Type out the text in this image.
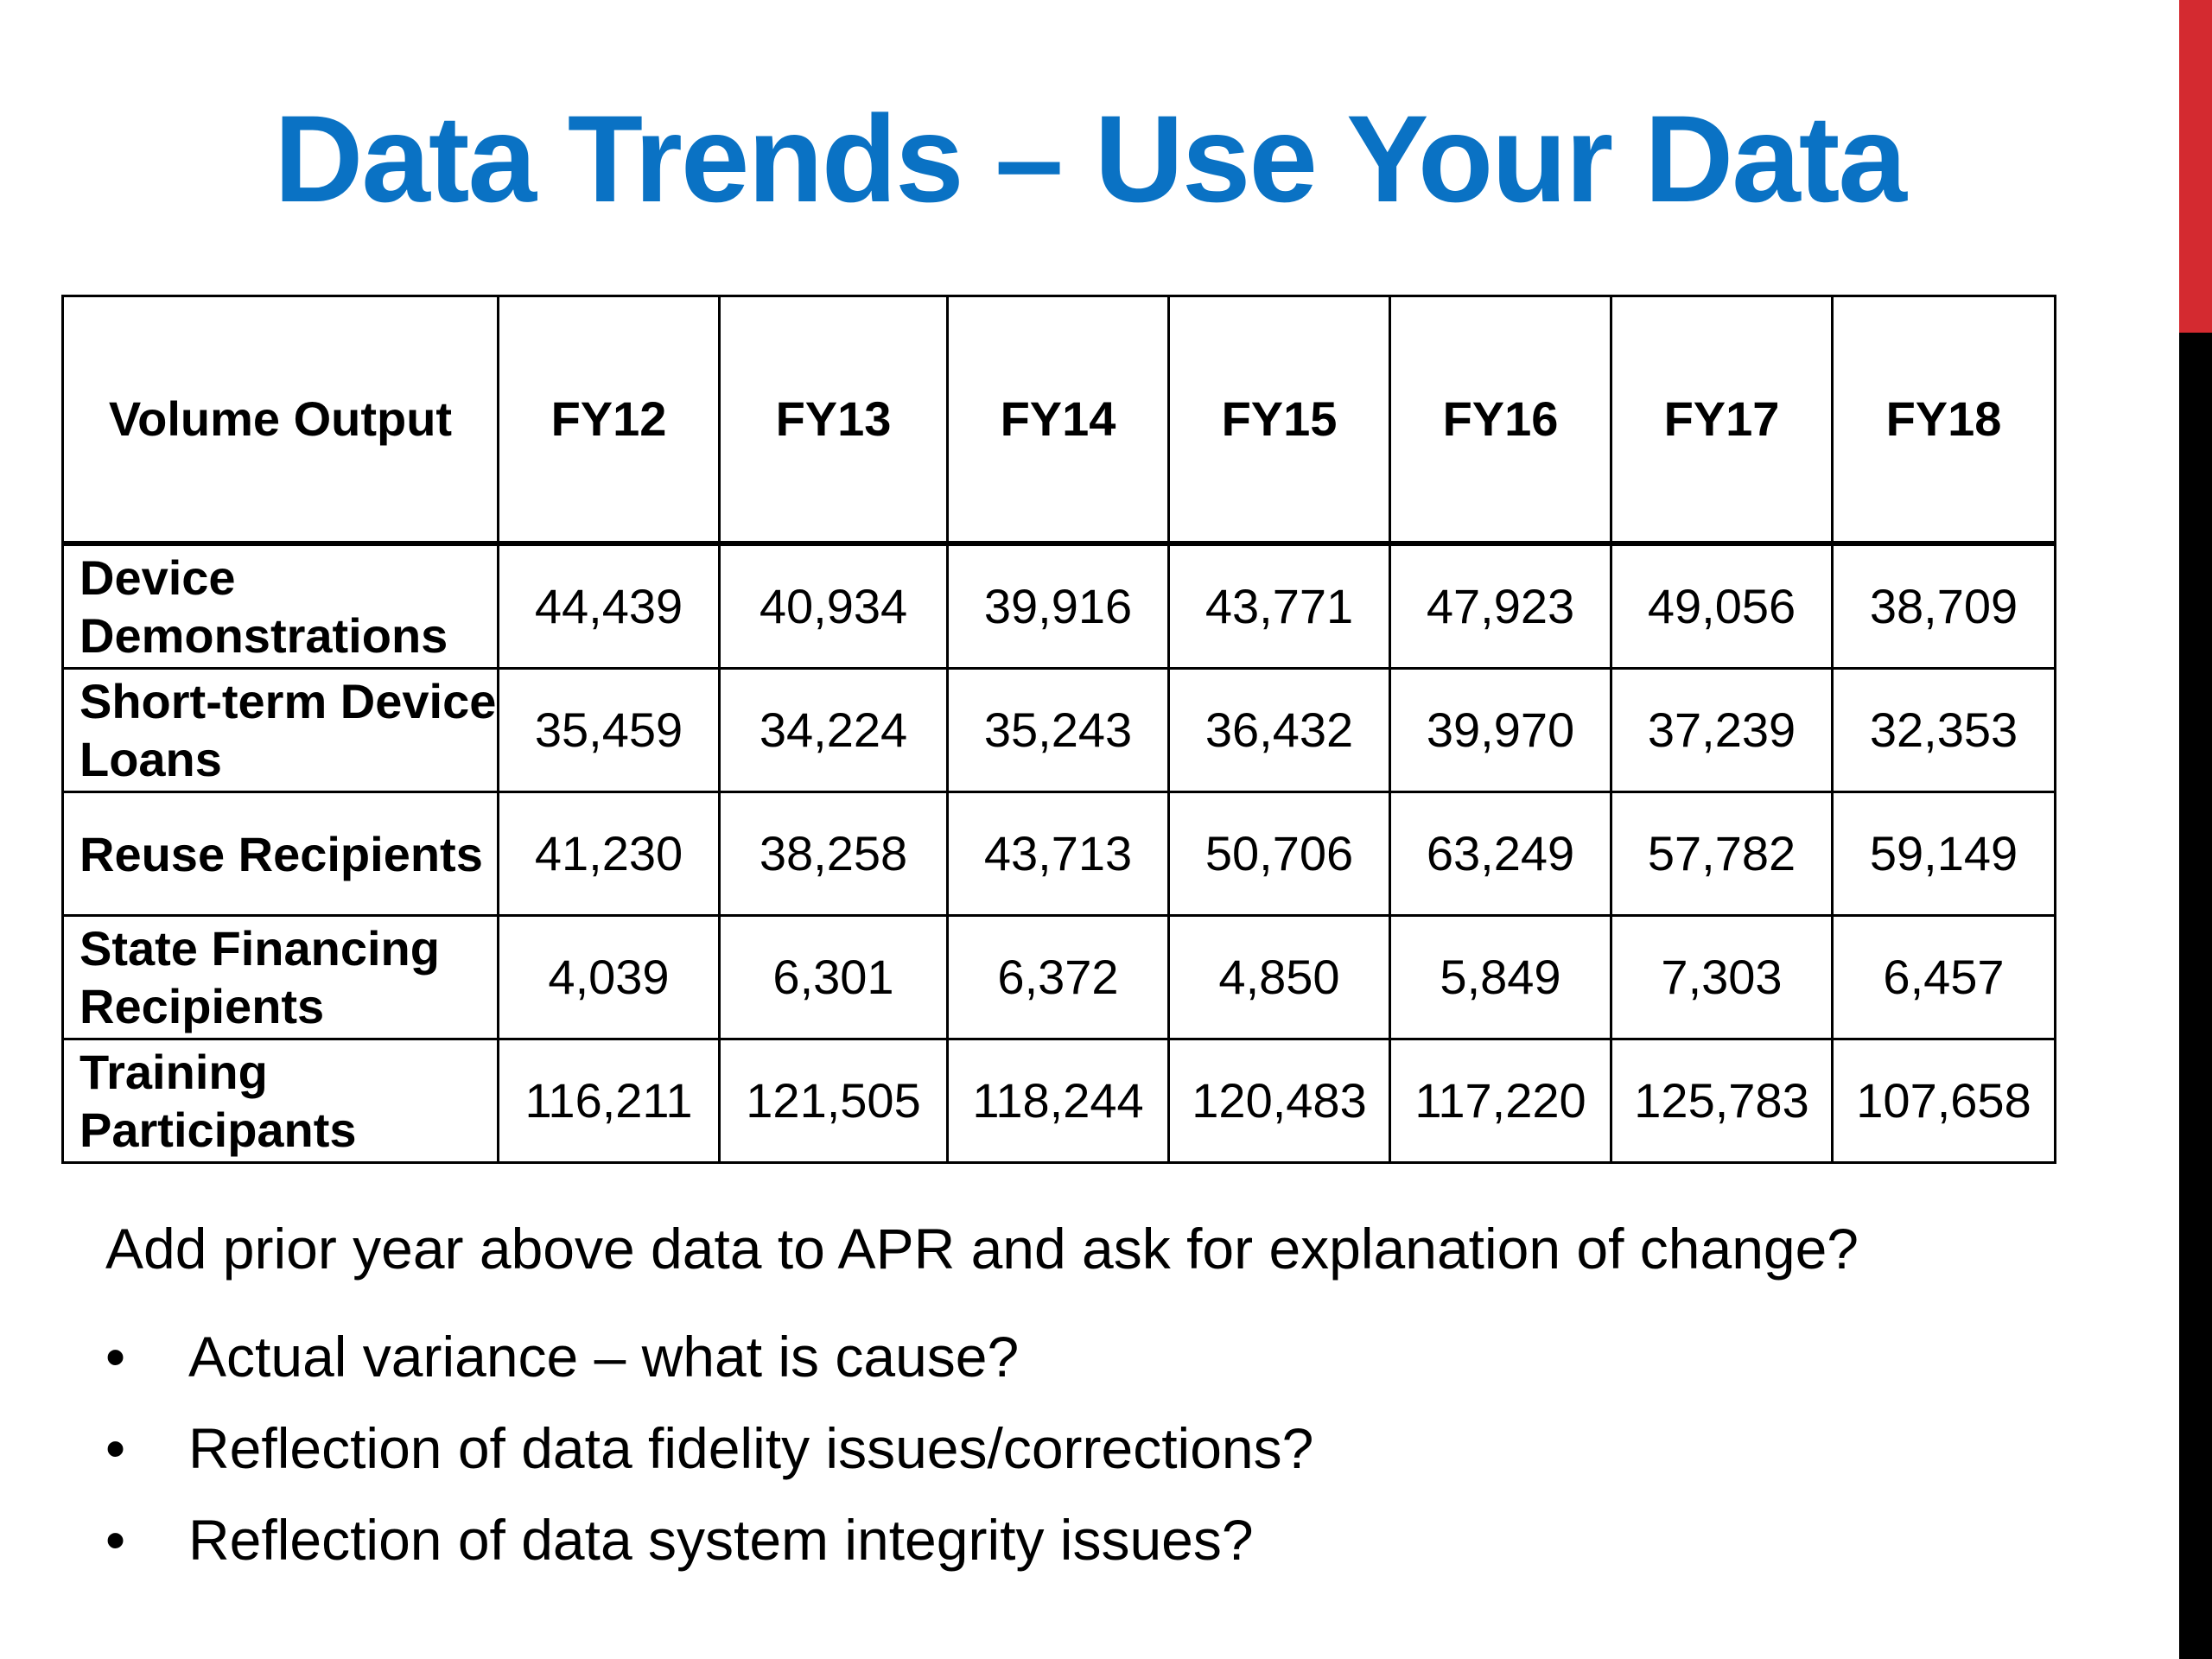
Data Trends – Use Your Data
Volume Output	FY12	FY13	FY14	FY15	FY16	FY17	FY18
Device Demonstrations	44,439	40,934	39,916	43,771	47,923	49,056	38,709
Short-term Device Loans	35,459	34,224	35,243	36,432	39,970	37,239	32,353
Reuse Recipients	41,230	38,258	43,713	50,706	63,249	57,782	59,149
State Financing Recipients	4,039	6,301	6,372	4,850	5,849	7,303	6,457
Training Participants	116,211	121,505	118,244	120,483	117,220	125,783	107,658
Add prior year above data to APR and ask for explanation of change?
• Actual variance – what is cause?
• Reflection of data fidelity issues/corrections?
• Reflection of data system integrity issues?
